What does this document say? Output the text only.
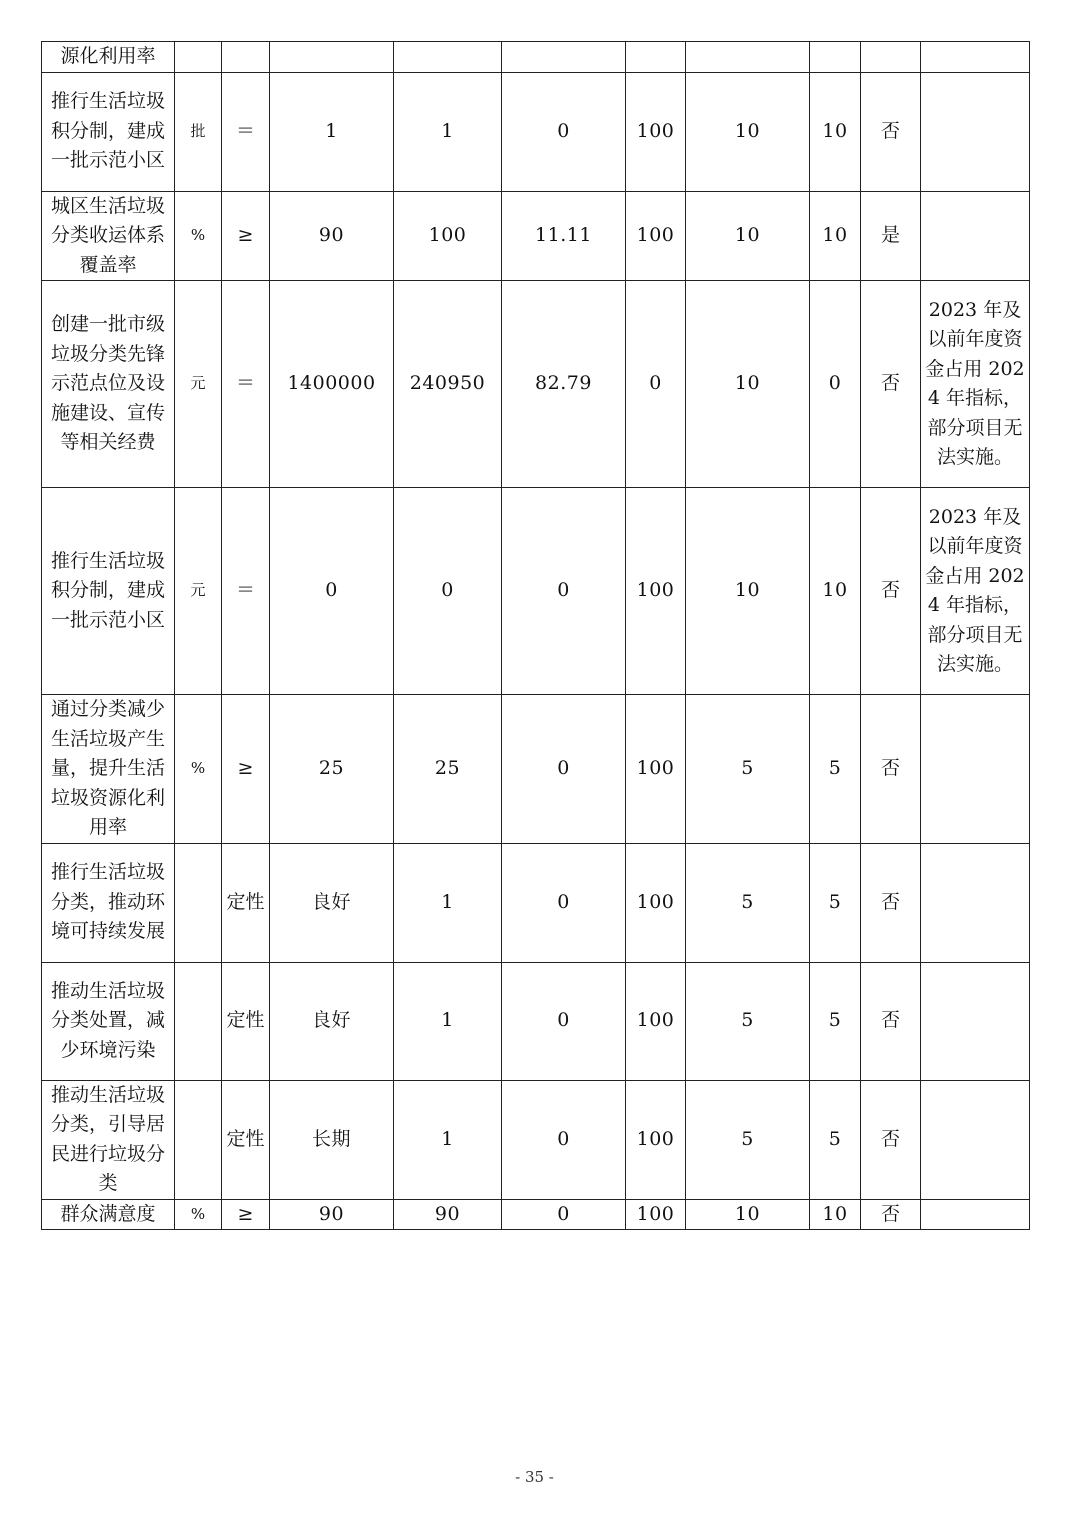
源化利用率										
推行生活垃圾积分制，建成一批示范小区	批	＝	1	1	0	100	10	10	否	
城区生活垃圾分类收运体系覆盖率	%	≥	90	100	11.11	100	10	10	是	
创建一批市级垃圾分类先锋示范点位及设施建设、宣传等相关经费	元	＝	1400000	240950	82.79	0	10	0	否	2023 年及以前年度资金占用 2024 年指标，部分项目无法实施。
推行生活垃圾积分制，建成一批示范小区	元	＝	0	0	0	100	10	10	否	2023 年及以前年度资金占用 2024 年指标，部分项目无法实施。
通过分类减少生活垃圾产生量，提升生活垃圾资源化利用率	%	≥	25	25	0	100	5	5	否	
推行生活垃圾分类，推动环境可持续发展		定性	良好	1	0	100	5	5	否	
推动生活垃圾分类处置，减少环境污染		定性	良好	1	0	100	5	5	否	
推动生活垃圾分类，引导居民进行垃圾分类		定性	长期	1	0	100	5	5	否	
群众满意度	%	≥	90	90	0	100	10	10	否	
- 35 -
